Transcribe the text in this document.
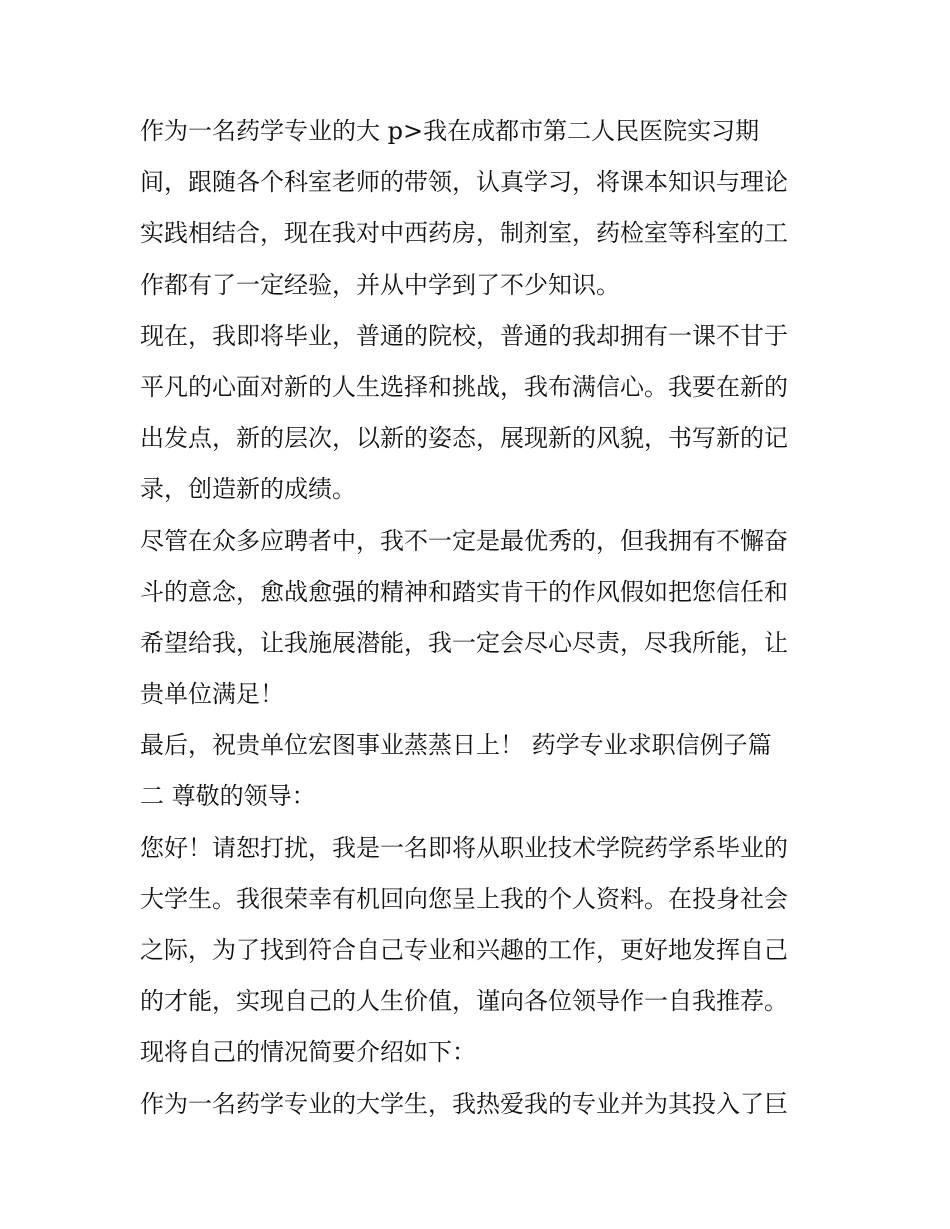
作为一名药学专业的大 p>我在成都市第二人民医院实习期
间，跟随各个科室老师的带领，认真学习，将课本知识与理论
实践相结合，现在我对中西药房，制剂室，药检室等科室的工
作都有了一定经验，并从中学到了不少知识。
现在，我即将毕业，普通的院校，普通的我却拥有一课不甘于
平凡的心面对新的人生选择和挑战，我布满信心。我要在新的
出发点，新的层次，以新的姿态，展现新的风貌，书写新的记
录，创造新的成绩。
尽管在众多应聘者中，我不一定是最优秀的，但我拥有不懈奋
斗的意念，愈战愈强的精神和踏实肯干的作风假如把您信任和
希望给我，让我施展潜能，我一定会尽心尽责，尽我所能，让
贵单位满足！
最后，祝贵单位宏图事业蒸蒸日上！ 药学专业求职信例子篇
二 尊敬的领导：
您好！请恕打扰，我是一名即将从职业技术学院药学系毕业的
大学生。我很荣幸有机回向您呈上我的个人资料。在投身社会
之际，为了找到符合自己专业和兴趣的工作，更好地发挥自己
的才能，实现自己的人生价值，谨向各位领导作一自我推荐。
现将自己的情况简要介绍如下：
作为一名药学专业的大学生，我热爱我的专业并为其投入了巨
